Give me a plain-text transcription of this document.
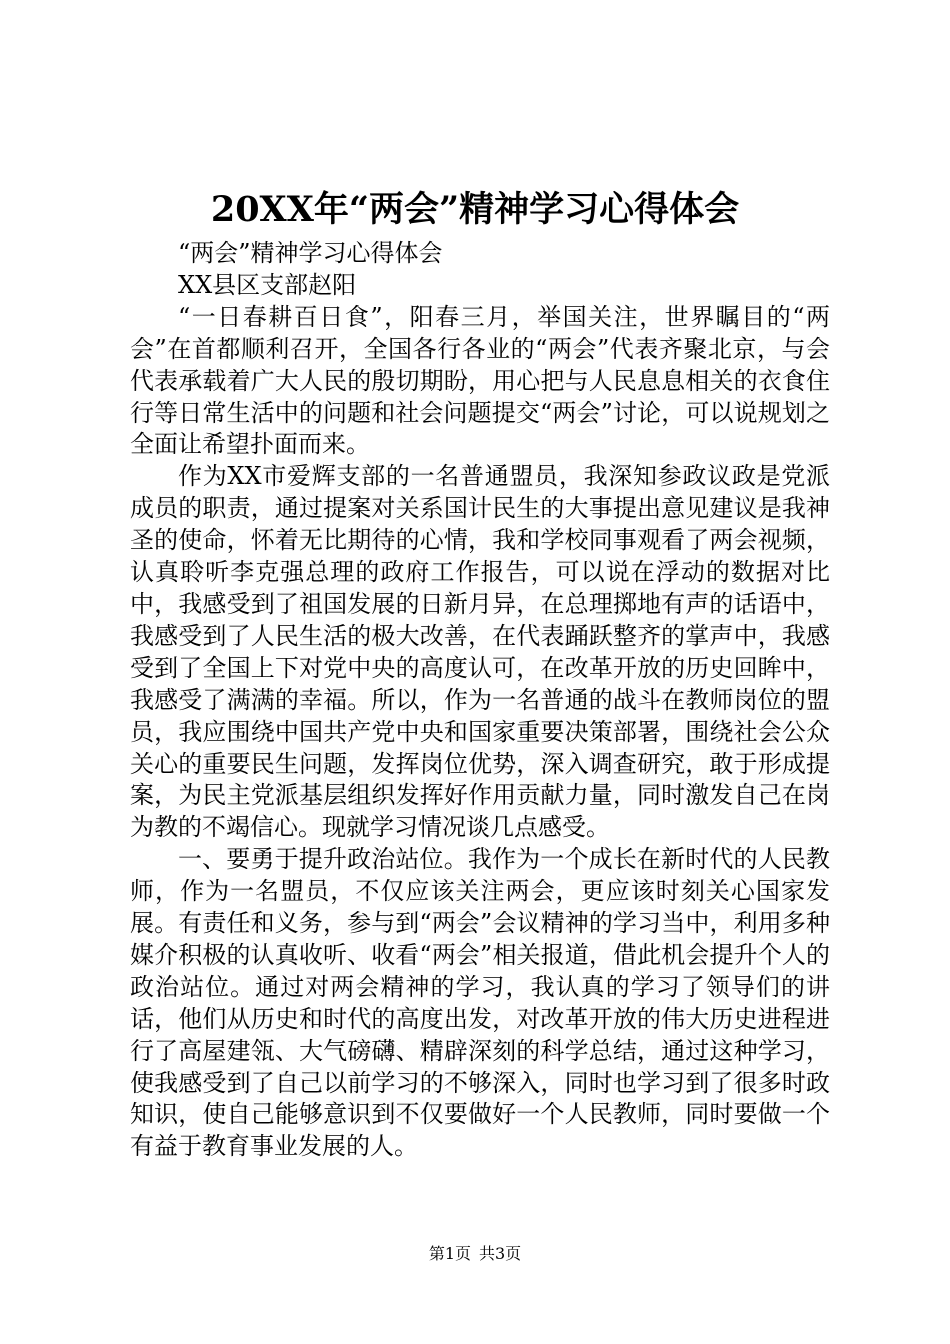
20XX年“两会”精神学习心得体会

“两会”精神学习心得体会

XX县区支部赵阳

“一日春耕百日食”，阳春三月，举国关注，世界瞩目的“两会”在首都顺利召开，全国各行各业的“两会”代表齐聚北京，与会代表承载着广大人民的殷切期盼，用心把与人民息息相关的衣食住行等日常生活中的问题和社会问题提交“两会”讨论，可以说规划之全面让希望扑面而来。

作为XX市爱辉支部的一名普通盟员，我深知参政议政是党派成员的职责，通过提案对关系国计民生的大事提出意见建议是我神圣的使命，怀着无比期待的心情，我和学校同事观看了两会视频，认真聆听李克强总理的政府工作报告，可以说在浮动的数据对比中，我感受到了祖国发展的日新月异，在总理掷地有声的话语中，我感受到了人民生活的极大改善，在代表踊跃整齐的掌声中，我感受到了全国上下对党中央的高度认可，在改革开放的历史回眸中，我感受了满满的幸福。所以，作为一名普通的战斗在教师岗位的盟员，我应围绕中国共产党中央和国家重要决策部署，围绕社会公众关心的重要民生问题，发挥岗位优势，深入调查研究，敢于形成提案，为民主党派基层组织发挥好作用贡献力量，同时激发自己在岗为教的不竭信心。现就学习情况谈几点感受。

一、要勇于提升政治站位。我作为一个成长在新时代的人民教师，作为一名盟员，不仅应该关注两会，更应该时刻关心国家发展。有责任和义务，参与到“两会”会议精神的学习当中，利用多种媒介积极的认真收听、收看“两会”相关报道，借此机会提升个人的政治站位。通过对两会精神的学习，我认真的学习了领导们的讲话，他们从历史和时代的高度出发，对改革开放的伟大历史进程进行了高屋建瓴、大气磅礴、精辟深刻的科学总结，通过这种学习，使我感受到了自己以前学习的不够深入，同时也学习到了很多时政知识，使自己能够意识到不仅要做好一个人民教师，同时要做一个有益于教育事业发展的人。

第1页 共3页
